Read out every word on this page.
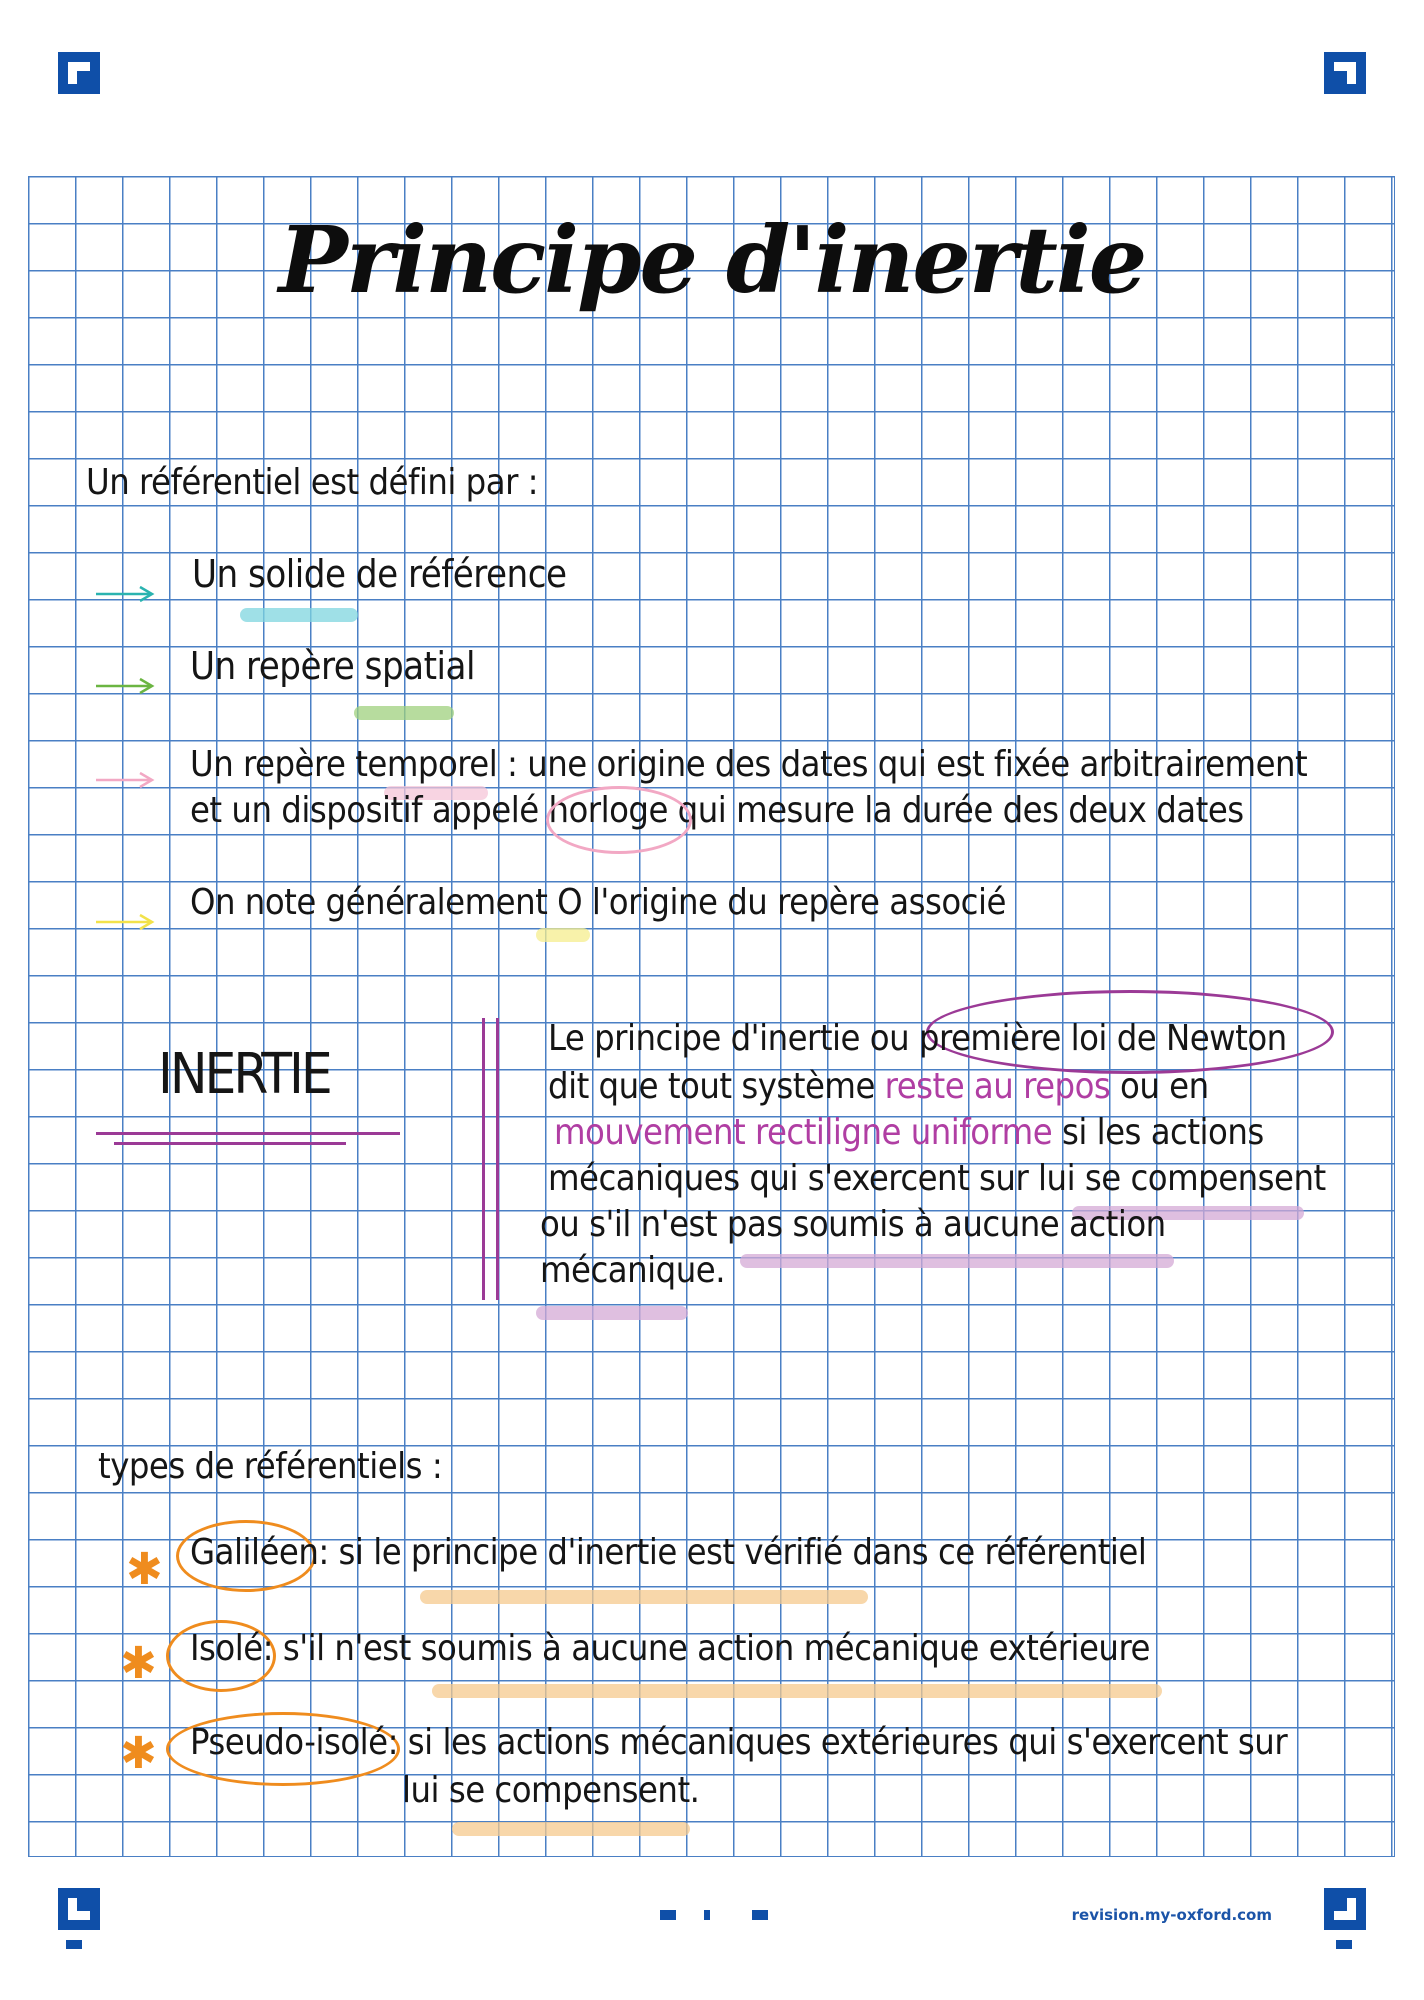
Principe d'inertie
Un référentiel est défini par :
Un solide de référence
Un repère spatial
Un repère temporel : une origine des dates qui est fixée arbitrairement
et un dispositif appelé horloge qui mesure la durée des deux dates
On note généralement O l'origine du repère associé
INERTIE
Le principe d'inertie ou première loi de Newton
dit que tout système reste au repos ou en
mouvement rectiligne uniforme si les actions
mécaniques qui s'exercent sur lui se compensent
ou s'il n'est pas soumis à aucune action
mécanique.
types de référentiels :
✱ Galiléen: si le principe d'inertie est vérifié dans ce référentiel
✱ Isolé: s'il n'est soumis à aucune action mécanique extérieure
✱ Pseudo-isolé: si les actions mécaniques extérieures qui s'exercent sur
lui se compensent.
revision.my-oxford.com
